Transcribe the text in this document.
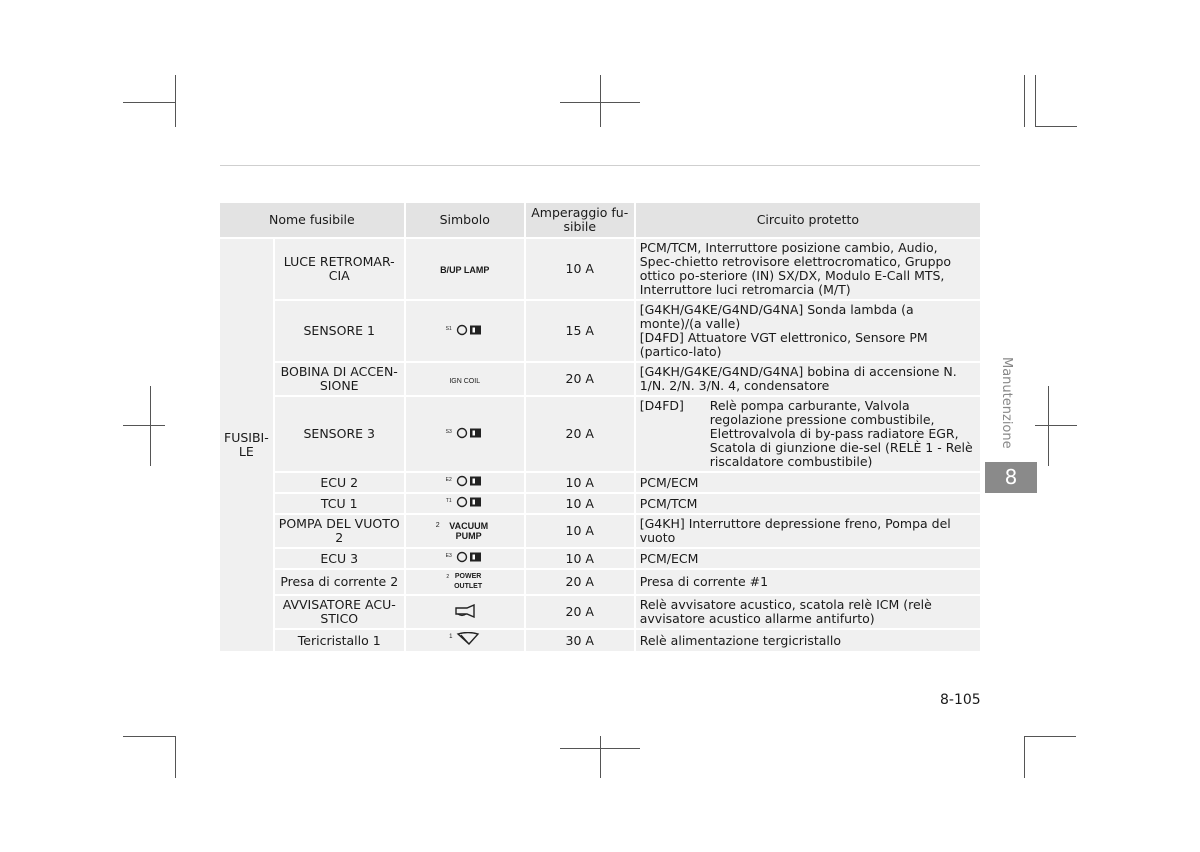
Nome fusibile		Simbolo	Amperaggio fu-sibile	Circuito protetto
FUSIBI-LE	LUCE RETROMAR-CIA	B/UP LAMP	10 A	PCM/TCM, Interruttore posizione cambio, Audio, Spec-chietto retrovisore elettrocromatico, Gruppo ottico po-steriore (IN) SX/DX, Modulo E-Call MTS, Interruttore luci retromarcia (M/T)
	SENSORE 1	S1	15 A	[G4KH/G4KE/G4ND/G4NA] Sonda lambda (a monte)/(a valle)
[D4FD] Attuatore VGT elettronico, Sensore PM (partico-lato)

	BOBINA DI ACCEN-SIONE	IGN COIL	20 A	[G4KH/G4KE/G4ND/G4NA] bobina di accensione N. 1/N. 2/N. 3/N. 4, condensatore
	SENSORE 3	S3	20 A	[D4FD] Relè pompa carburante, Valvola regolazione pressione combustibile, Elettrovalvola di by-pass radiatore EGR, Scatola di giunzione die-sel (RELÈ 1 - Relè riscaldatore combustibile)

	ECU 2	E2	10 A	PCM/ECM
	TCU 1	T1	10 A	PCM/TCM
	POMPA DEL VUOTO 2	2 VACUUM PUMP	10 A	[G4KH] Interruttore depressione freno, Pompa del vuoto
	ECU 3	E3	10 A	PCM/ECM
	Presa di corrente 2	2 POWER OUTLET	20 A	Presa di corrente #1
	AVVISATORE ACU-STICO		20 A	Relè avvisatore acustico, scatola relè ICM (relè avvisatore acustico allarme antifurto)
	Tericristallo 1	1	30 A	Relè alimentazione tergicristallo
Manutenzione
8
8-105
